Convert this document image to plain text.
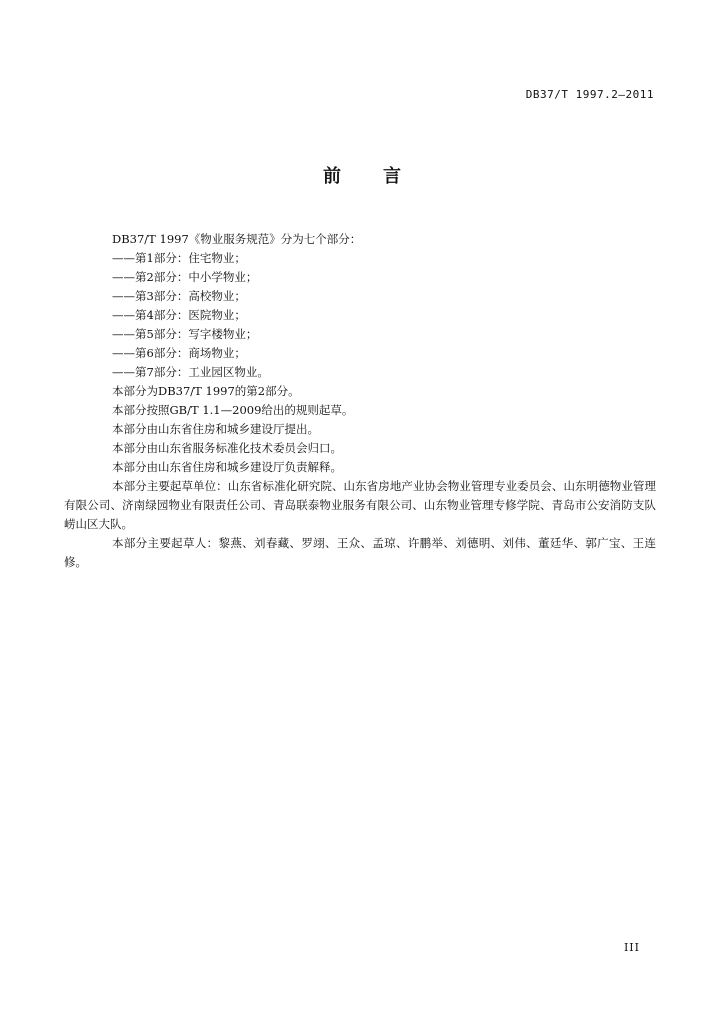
DB37/T 1997.2—2011
前 言

DB37/T 1997《物业服务规范》分为七个部分：

——第1部分：住宅物业；

——第2部分：中小学物业；

——第3部分：高校物业；

——第4部分：医院物业；

——第5部分：写字楼物业；

——第6部分：商场物业；

——第7部分：工业园区物业。

本部分为DB37/T 1997的第2部分。

本部分按照GB/T 1.1—2009给出的规则起草。

本部分由山东省住房和城乡建设厅提出。

本部分由山东省服务标准化技术委员会归口。

本部分由山东省住房和城乡建设厅负责解释。

本部分主要起草单位：山东省标准化研究院、山东省房地产业协会物业管理专业委员会、山东明德物业管理有限公司、济南绿园物业有限责任公司、青岛联泰物业服务有限公司、山东物业管理专修学院、青岛市公安消防支队崂山区大队。

本部分主要起草人：黎燕、刘春藏、罗翊、王众、孟琼、许鹏举、刘德明、刘伟、董廷华、郭广宝、王连修。

III
